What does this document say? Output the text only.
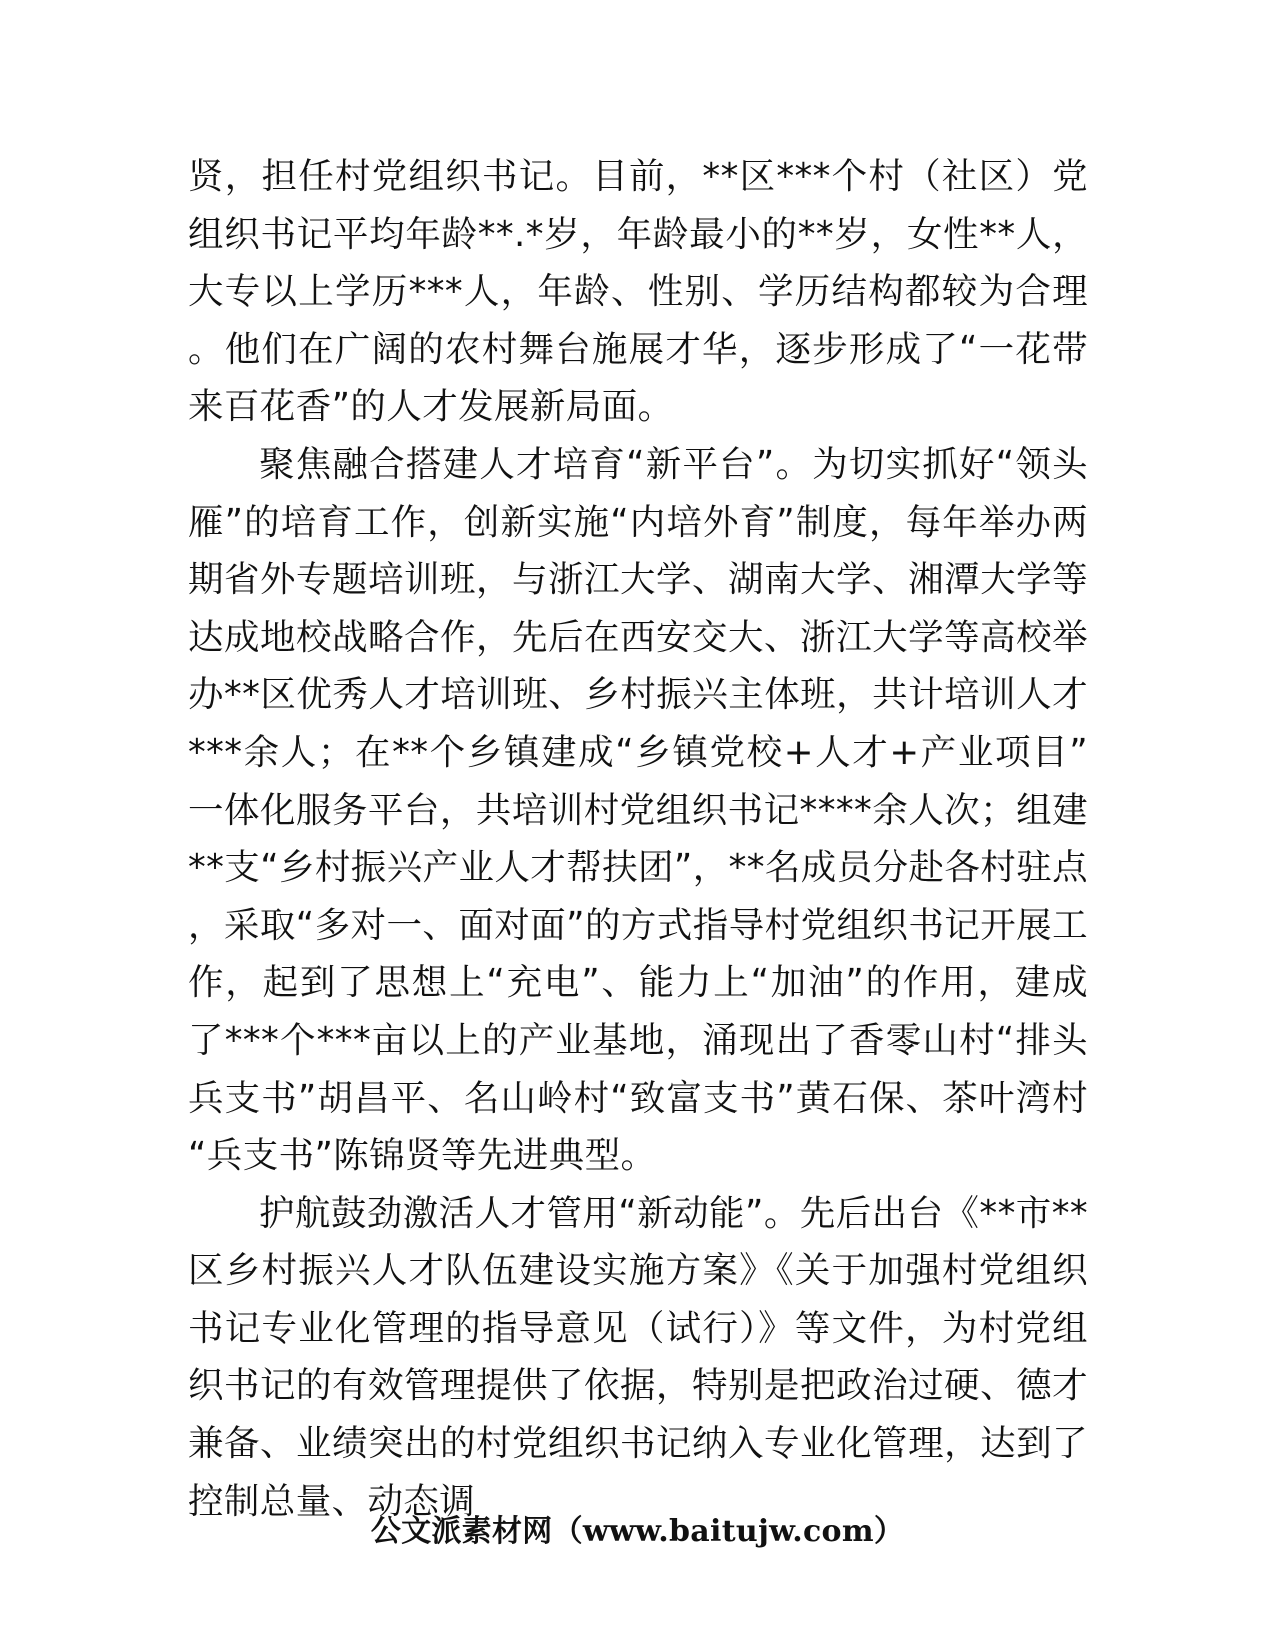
贤，担任村党组织书记。目前，**区***个村（社区）党组织书记平均年龄**.*岁，年龄最小的**岁，女性**人，大专以上学历***人，年龄、性别、学历结构都较为合理。他们在广阔的农村舞台施展才华，逐步形成了“一花带来百花香”的人才发展新局面。

聚焦融合搭建人才培育“新平台”。为切实抓好“领头雁”的培育工作，创新实施“内培外育”制度，每年举办两期省外专题培训班，与浙江大学、湖南大学、湘潭大学等达成地校战略合作，先后在西安交大、浙江大学等高校举办**区优秀人才培训班、乡村振兴主体班，共计培训人才***余人；在**个乡镇建成“乡镇党校+人才+产业项目”一体化服务平台，共培训村党组织书记****余人次；组建**支“乡村振兴产业人才帮扶团”，**名成员分赴各村驻点，采取“多对一、面对面”的方式指导村党组织书记开展工作，起到了思想上“充电”、能力上“加油”的作用，建成了***个***亩以上的产业基地，涌现出了香零山村“排头兵支书”胡昌平、名山岭村“致富支书”黄石保、茶叶湾村“兵支书”陈锦贤等先进典型。

护航鼓劲激活人才管用“新动能”。先后出台《**市**区乡村振兴人才队伍建设实施方案》《关于加强村党组织书记专业化管理的指导意见（试行）》等文件，为村党组织书记的有效管理提供了依据，特别是把政治过硬、德才兼备、业绩突出的村党组织书记纳入专业化管理，达到了控制总量、动态调

公文派素材网（www.baitujw.com）
